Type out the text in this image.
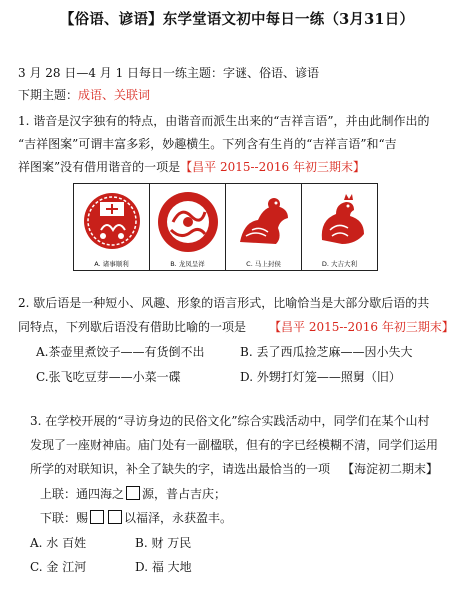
【俗语、谚语】东学堂语文初中每日一练（3月31日）
3 月 28 日—4 月 1 日每日一练主题：字谜、俗语、谚语
下期主题：成语、关联词
1. 谐音是汉字独有的特点，由谐音而派生出来的“吉祥言语”，并由此制作出的
“吉祥图案”可谓丰富多彩，妙趣横生。下列含有生肖的“吉祥言语”和“吉
祥图案”没有借用谐音的一项是【昌平 2015--2016 年初三期末】
A. 诸事顺利	B. 龙凤呈祥	C. 马上封侯	D. 大吉大利
2. 歇后语是一种短小、风趣、形象的语言形式，比喻恰当是大部分歇后语的共
同特点，下列歇后语没有借助比喻的一项是 【昌平 2015--2016 年初三期末】
A.茶壶里煮饺子——有货倒不出	B. 丢了西瓜捡芝麻——因小失大
C.张飞吃豆芽——小菜一碟	D. 外甥打灯笼——照舅（旧）
3. 在学校开展的“寻访身边的民俗文化”综合实践活动中，同学们在某个山村
发现了一座财神庙。庙门处有一副楹联，但有的字已经模糊不清，同学们运用
所学的对联知识，补全了缺失的字，请选出最恰当的一项 【海淀初二期末】
上联：通四海之 源，普占吉庆；
下联：赐	以福泽，永获盈丰。
A. 水 百姓	B. 财 万民
C. 金 江河	D. 福 大地
